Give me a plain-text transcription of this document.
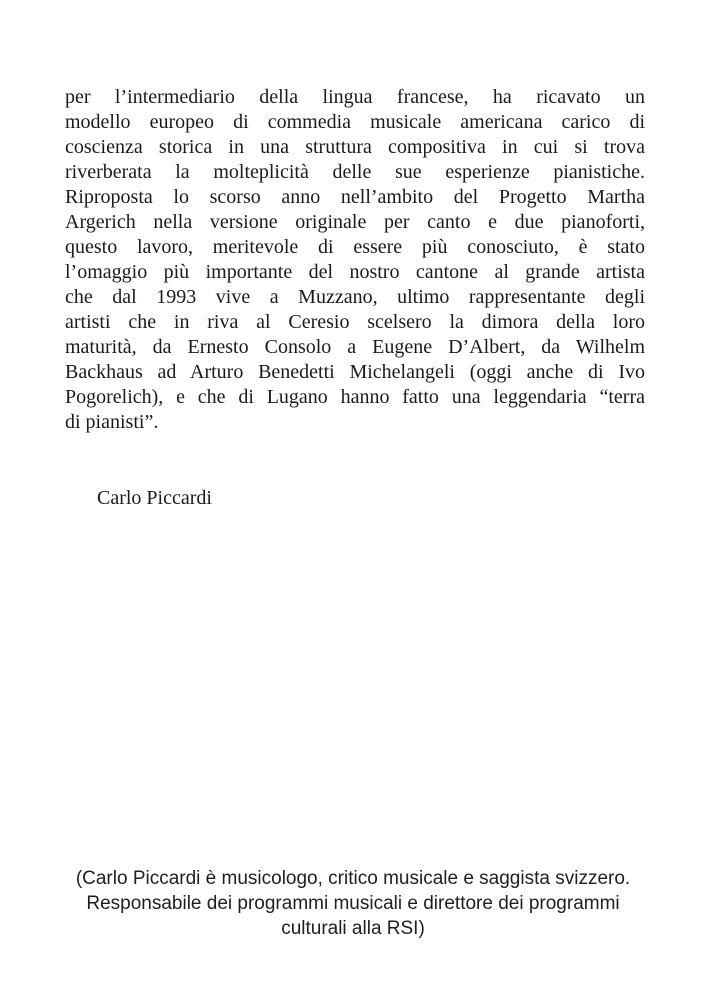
per l’intermediario della lingua francese, ha ricavato un
modello europeo di commedia musicale americana carico di
coscienza storica in una struttura compositiva in cui si trova
riverberata la molteplicità delle sue esperienze pianistiche.
Riproposta lo scorso anno nell’ambito del Progetto Martha
Argerich nella versione originale per canto e due pianoforti,
questo lavoro, meritevole di essere più conosciuto, è stato
l’omaggio più importante del nostro cantone al grande artista
che dal 1993 vive a Muzzano, ultimo rappresentante degli
artisti che in riva al Ceresio scelsero la dimora della loro
maturità, da Ernesto Consolo a Eugene D’Albert, da Wilhelm
Backhaus ad Arturo Benedetti Michelangeli (oggi anche di Ivo
Pogorelich), e che di Lugano hanno fatto una leggendaria “terra
di pianisti”.
Carlo Piccardi
(Carlo Piccardi è musicologo, critico musicale e saggista svizzero.
Responsabile dei programmi musicali e direttore dei programmi
culturali alla RSI)
